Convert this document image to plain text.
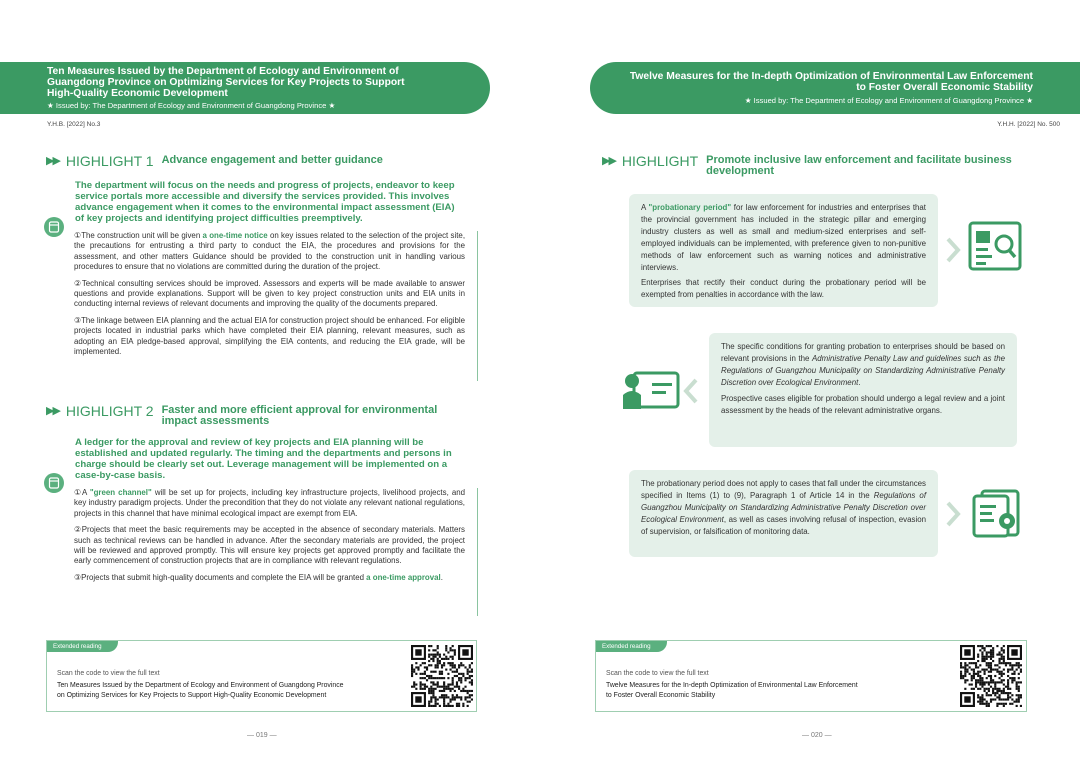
Ten Measures Issued by the Department of Ecology and Environment of
Guangdong Province on Optimizing Services for Key Projects to Support
High-Quality Economic Development
★ Issued by: The Department of Ecology and Environment of Guangdong Province ★
Y.H.B. [2022] No.3
▶▶ HIGHLIGHT 1 Advance engagement and better guidance
The department will focus on the needs and progress of projects, endeavor to keep service portals more accessible and diversify the services provided. This involves advance engagement when it comes to the environmental impact assessment (EIA) of key projects and identifying project difficulties preemptively.
①The construction unit will be given a one-time notice on key issues related to the selection of the project site, the precautions for entrusting a third party to conduct the EIA, the procedures and provisions for the assessment, and other matters Guidance should be provided to the construction unit in handling various procedures to ensure that no violations are committed during the duration of the project.
②Technical consulting services should be improved. Assessors and experts will be made available to answer questions and provide explanations. Support will be given to key project construction units and EIA units in conducting internal reviews of relevant documents and improving the quality of the documents prepared.
③The linkage between EIA planning and the actual EIA for construction project should be enhanced. For eligible projects located in industrial parks which have completed their EIA planning, relevant measures, such as adopting an EIA pledge-based approval, simplifying the EIA contents, and reducing the EIA grade, will be implemented.
▶▶ HIGHLIGHT 2 Faster and more efficient approval for environmental
impact assessments
A ledger for the approval and review of key projects and EIA planning will be established and updated regularly. The timing and the departments and persons in charge should be clearly set out. Leverage management will be implemented on a case-by-case basis.
①A "green channel" will be set up for projects, including key infrastructure projects, livelihood projects, and key industry paradigm projects. Under the precondition that they do not violate any relevant national regulations, projects in this channel that have minimal ecological impact are exempt from EIA.
②Projects that meet the basic requirements may be accepted in the absence of secondary materials. Matters such as technical reviews can be handled in advance. After the secondary materials are provided, the project will be reviewed and approved promptly. This will ensure key projects get approved promptly and facilitate the early commencement of construction projects that are in compliance with relevant regulations.
③Projects that submit high-quality documents and complete the EIA will be granted a one-time approval.
Extended reading
Scan the code to view the full text
Ten Measures Issued by the Department of Ecology and Environment of Guangdong Province
on Optimizing Services for Key Projects to Support High-Quality Economic Development
— 019 —
Twelve Measures for the In-depth Optimization of Environmental Law Enforcement
to Foster Overall Economic Stability
★ Issued by: The Department of Ecology and Environment of Guangdong Province ★
Y.H.H. [2022] No. 500
▶▶ HIGHLIGHT Promote inclusive law enforcement and facilitate business
development
A "probationary period" for law enforcement for industries and enterprises that the provincial government has included in the strategic pillar and emerging industry clusters as well as small and medium-sized enterprises and self-employed individuals can be implemented, with preference given to non-punitive methods of law enforcement such as warning notices and administrative interviews.
Enterprises that rectify their conduct during the probationary period will be exempted from penalties in accordance with the law.
The specific conditions for granting probation to enterprises should be based on relevant provisions in the Administrative Penalty Law and guidelines such as the Regulations of Guangzhou Municipality on Standardizing Administrative Penalty Discretion over Ecological Environment.
Prospective cases eligible for probation should undergo a legal review and a joint assessment by the heads of the relevant administrative organs.
The probationary period does not apply to cases that fall under the circumstances specified in Items (1) to (9), Paragraph 1 of Article 14 in the Regulations of Guangzhou Municipality on Standardizing Administrative Penalty Discretion over Ecological Environment, as well as cases involving refusal of inspection, evasion of supervision, or falsification of monitoring data.
Extended reading
Scan the code to view the full text
Twelve Measures for the In-depth Optimization of Environmental Law Enforcement
to Foster Overall Economic Stability
— 020 —
